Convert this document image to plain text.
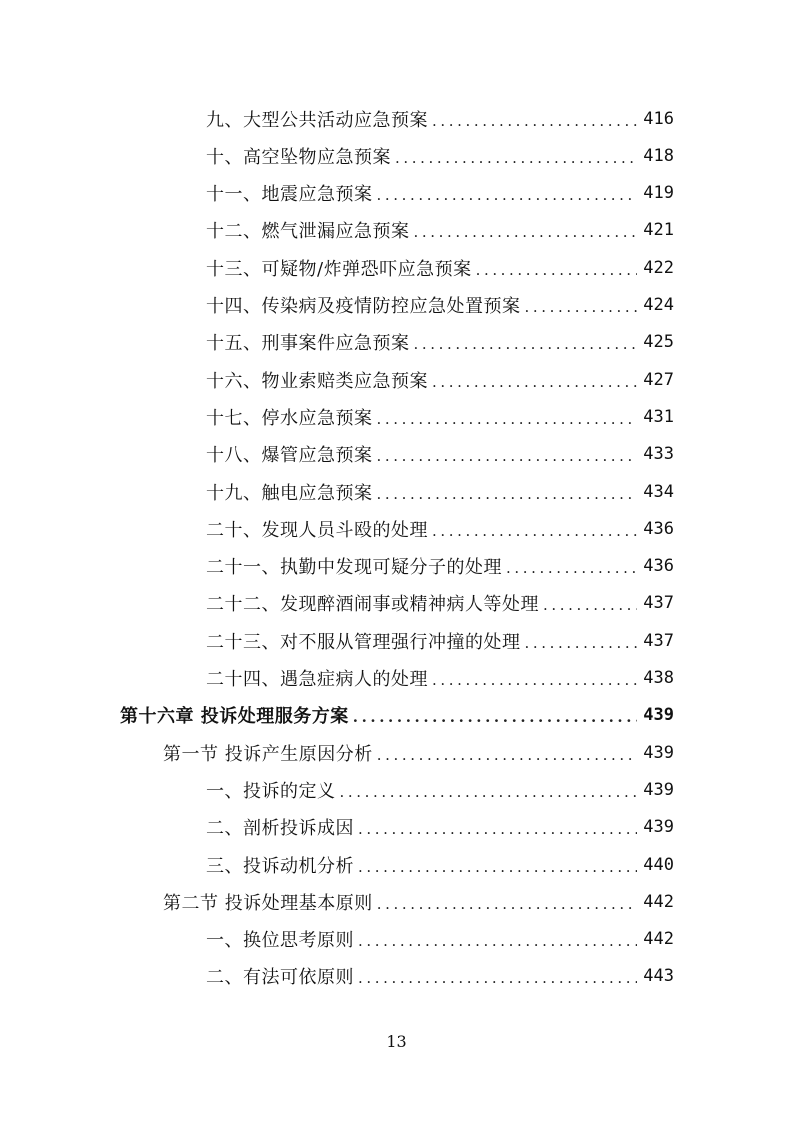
九、大型公共活动应急预案 .....	416
十、高空坠物应急预案 .....	418
十一、地震应急预案 .....	419
十二、燃气泄漏应急预案 .....	421
十三、可疑物/炸弹恐吓应急预案 .....	422
十四、传染病及疫情防控应急处置预案 .....	424
十五、刑事案件应急预案 .....	425
十六、物业索赔类应急预案 .....	427
十七、停水应急预案 .....	431
十八、爆管应急预案 .....	433
十九、触电应急预案 .....	434
二十、发现人员斗殴的处理 .....	436
二十一、执勤中发现可疑分子的处理 .....	436
二十二、发现醉酒闹事或精神病人等处理 .....	437
二十三、对不服从管理强行冲撞的处理 .....	437
二十四、遇急症病人的处理 .....	438
第十六章 投诉处理服务方案 .....	439
第一节 投诉产生原因分析 .....	439
一、投诉的定义 .....	439
二、剖析投诉成因 .....	439
三、投诉动机分析 .....	440
第二节 投诉处理基本原则 .....	442
一、换位思考原则 .....	442
二、有法可依原则 .....	443
13
